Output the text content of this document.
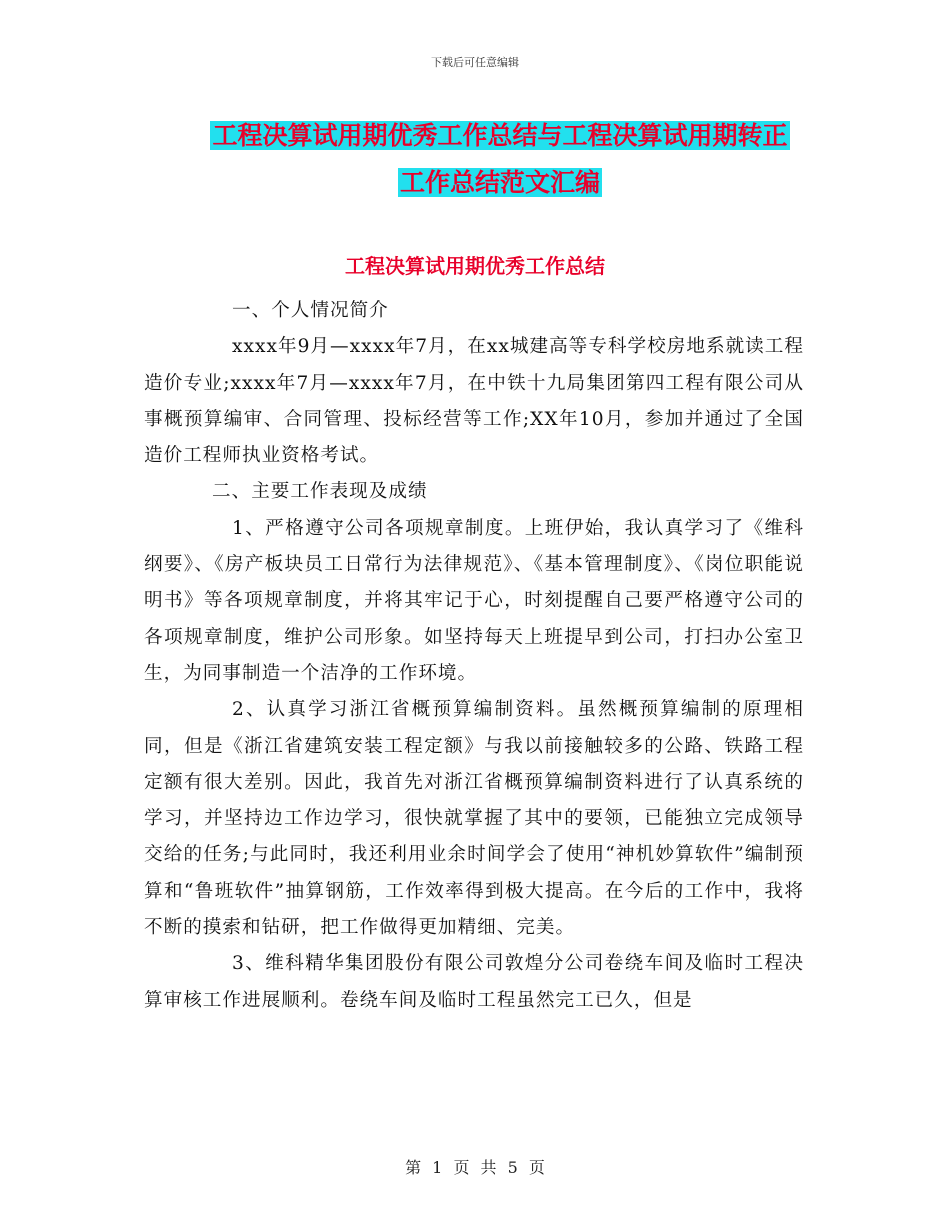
下载后可任意编辑
工程决算试用期优秀工作总结与工程决算试用期转正
工作总结范文汇编
工程决算试用期优秀工作总结

一、个人情况简介

xxxx年9月—xxxx年7月，在xx城建高等专科学校房地系就读工程造价专业;xxxx年7月—xxxx年7月，在中铁十九局集团第四工程有限公司从事概预算编审、合同管理、投标经营等工作;XX年10月，参加并通过了全国造价工程师执业资格考试。

二、主要工作表现及成绩

1、严格遵守公司各项规章制度。上班伊始，我认真学习了《维科纲要》、《房产板块员工日常行为法律规范》、《基本管理制度》、《岗位职能说明书》等各项规章制度，并将其牢记于心，时刻提醒自己要严格遵守公司的各项规章制度，维护公司形象。如坚持每天上班提早到公司，打扫办公室卫生，为同事制造一个洁净的工作环境。

2、认真学习浙江省概预算编制资料。虽然概预算编制的原理相同，但是《浙江省建筑安装工程定额》与我以前接触较多的公路、铁路工程定额有很大差别。因此，我首先对浙江省概预算编制资料进行了认真系统的学习，并坚持边工作边学习，很快就掌握了其中的要领，已能独立完成领导交给的任务;与此同时，我还利用业余时间学会了使用“神机妙算软件”编制预算和“鲁班软件”抽算钢筋，工作效率得到极大提高。在今后的工作中，我将不断的摸索和钻研，把工作做得更加精细、完美。

3、维科精华集团股份有限公司敦煌分公司卷绕车间及临时工程决算审核工作进展顺利。卷绕车间及临时工程虽然完工已久，但是

第 1 页 共 5 页
